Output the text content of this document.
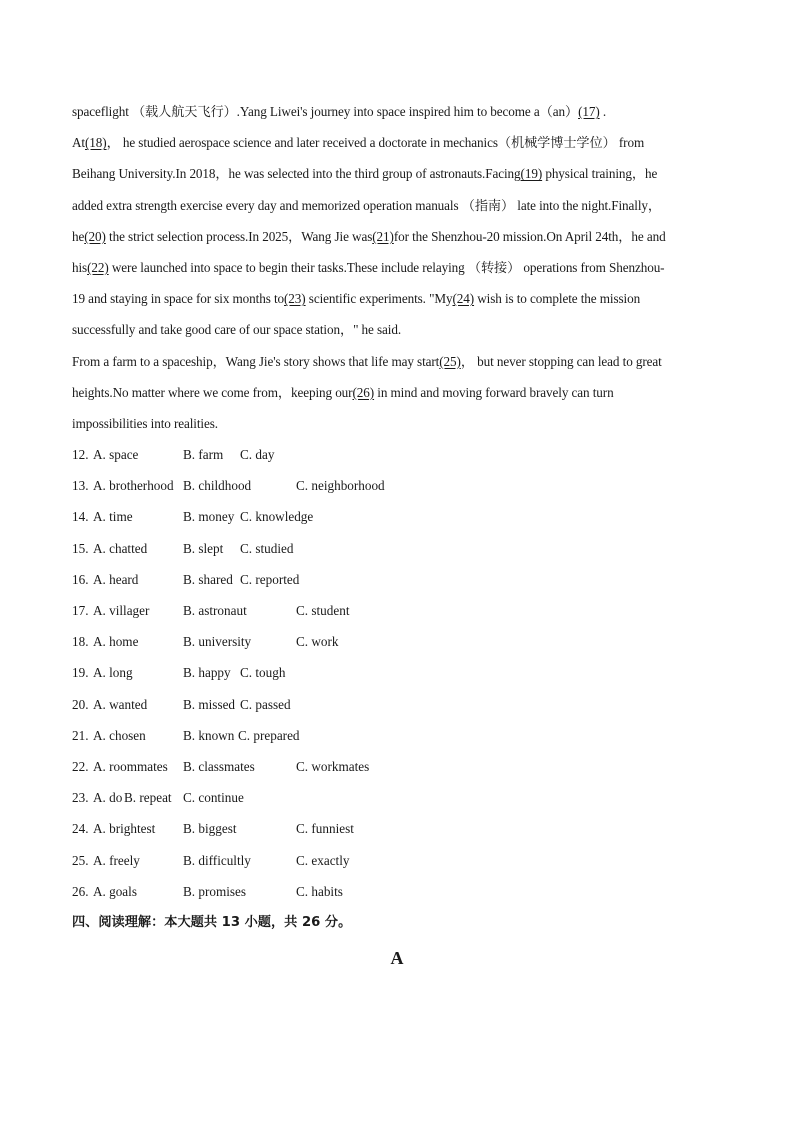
spaceflight （载人航天飞行）.Yang Liwei's journey into space inspired him to become a（an）(17) .
At(18)， he studied aerospace science and later received a doctorate in mechanics（机械学博士学位） from
Beihang University.In 2018，he was selected into the third group of astronauts.Facing(19) physical training，he
added extra strength exercise every day and memorized operation manuals （指南） late into the night.Finally，
he(20) the strict selection process.In 2025，Wang Jie was(21)for the Shenzhou-20 mission.On April 24th，he and
his(22) were launched into space to begin their tasks.These include relaying （转接） operations from Shenzhou-
19 and staying in space for six months to(23) scientific experiments. "My(24) wish is to complete the mission
successfully and take good care of our space station，" he said.
From a farm to a spaceship，Wang Jie's story shows that life may start(25)， but never stopping can lead to great
heights.No matter where we come from，keeping our(26) in mind and moving forward bravely can turn
impossibilities into realities.
12. A. space	B. farm C. day
13. A. brotherhood B. childhood	C. neighborhood
14. A. time	B. money C. knowledge
15. A. chatted	B. slept C. studied
16. A. heard	B. shared C. reported
17. A. villager	B. astronaut	C. student
18. A. home	B. university	C. work
19. A. long	B. happy C. tough
20. A. wanted	B. missed C. passed
21. A. chosen	B. known C. prepared
22. A. roommates B. classmates	C. workmates
23. A. do B. repeat C. continue
24. A. brightest B. biggest	C. funniest
25. A. freely	B. difficultly	C. exactly
26. A. goals	B. promises	C. habits
四、阅读理解：本大题共 13 小题，共 26 分。
A
